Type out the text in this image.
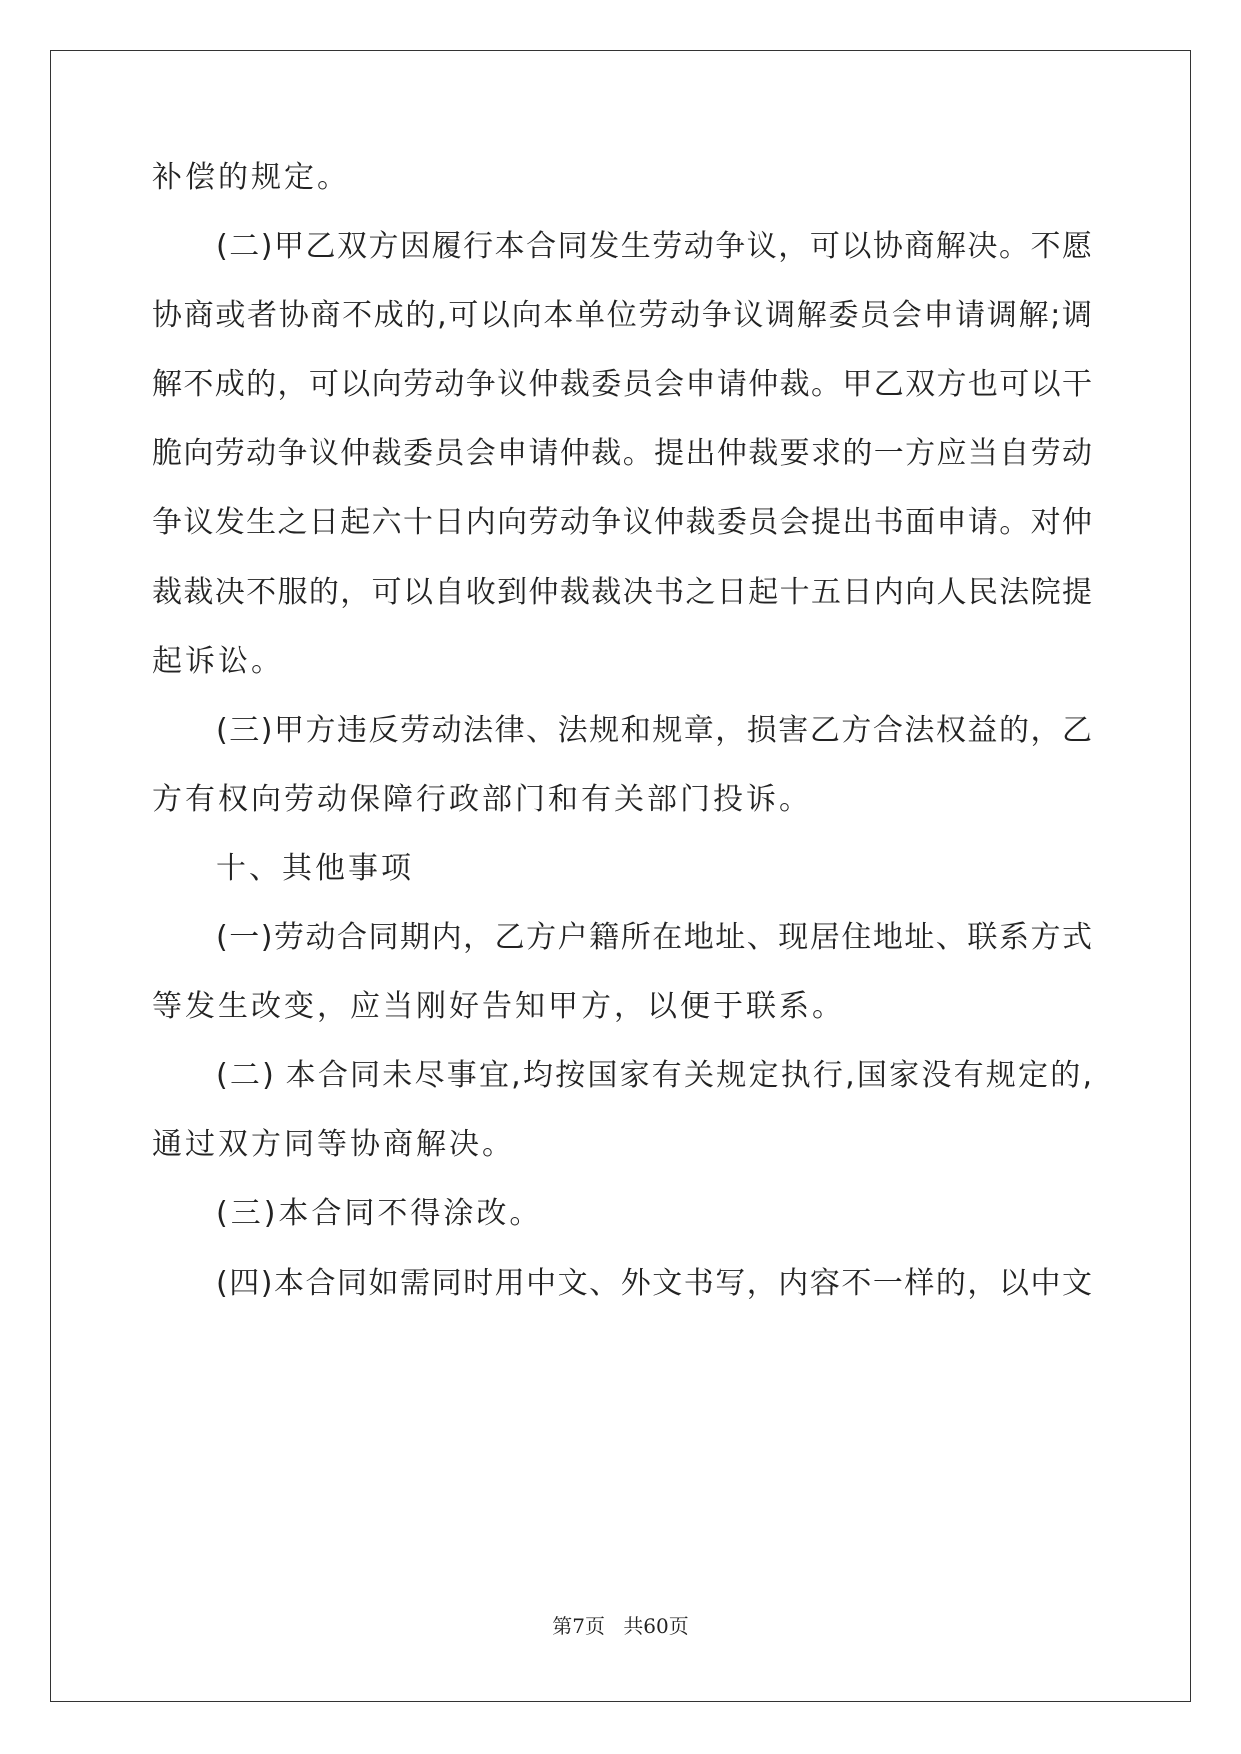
补偿的规定。
(二)甲乙双方因履行本合同发生劳动争议，可以协商解决。不愿
协商或者协商不成的,可以向本单位劳动争议调解委员会申请调解;调
解不成的，可以向劳动争议仲裁委员会申请仲裁。甲乙双方也可以干
脆向劳动争议仲裁委员会申请仲裁。提出仲裁要求的一方应当自劳动
争议发生之日起六十日内向劳动争议仲裁委员会提出书面申请。对仲
裁裁决不服的，可以自收到仲裁裁决书之日起十五日内向人民法院提
起诉讼。
(三)甲方违反劳动法律、法规和规章，损害乙方合法权益的，乙
方有权向劳动保障行政部门和有关部门投诉。
十、其他事项
(一)劳动合同期内，乙方户籍所在地址、现居住地址、联系方式
等发生改变，应当刚好告知甲方，以便于联系。
(二) 本合同未尽事宜,均按国家有关规定执行,国家没有规定的,
通过双方同等协商解决。
(三)本合同不得涂改。
(四)本合同如需同时用中文、外文书写，内容不一样的，以中文
第7页 共60页
